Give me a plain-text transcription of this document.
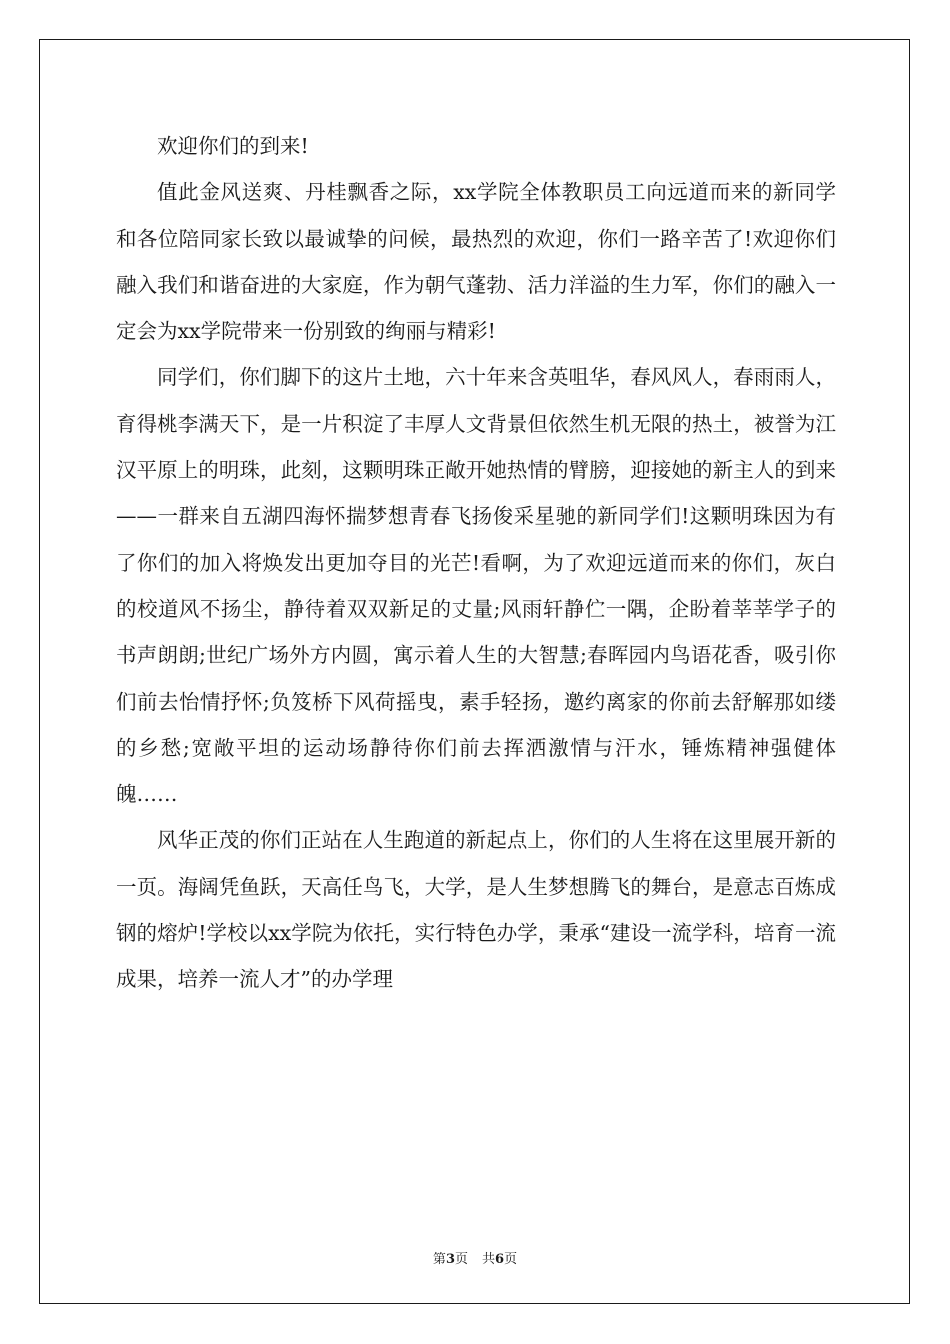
欢迎你们的到来!

值此金风送爽、丹桂飘香之际，xx学院全体教职员工向远道而来的新同学和各位陪同家长致以最诚挚的问候，最热烈的欢迎，你们一路辛苦了!欢迎你们融入我们和谐奋进的大家庭，作为朝气蓬勃、活力洋溢的生力军，你们的融入一定会为xx学院带来一份别致的绚丽与精彩!

同学们，你们脚下的这片土地，六十年来含英咀华，春风风人，春雨雨人，育得桃李满天下，是一片积淀了丰厚人文背景但依然生机无限的热土，被誉为江汉平原上的明珠，此刻，这颗明珠正敞开她热情的臂膀，迎接她的新主人的到来——一群来自五湖四海怀揣梦想青春飞扬俊采星驰的新同学们!这颗明珠因为有了你们的加入将焕发出更加夺目的光芒!看啊，为了欢迎远道而来的你们，灰白的校道风不扬尘，静待着双双新足的丈量;风雨轩静伫一隅，企盼着莘莘学子的书声朗朗;世纪广场外方内圆，寓示着人生的大智慧;春晖园内鸟语花香，吸引你们前去怡情抒怀;负笈桥下风荷摇曳，素手轻扬，邀约离家的你前去舒解那如缕的乡愁;宽敞平坦的运动场静待你们前去挥洒激情与汗水，锤炼精神强健体魄……

风华正茂的你们正站在人生跑道的新起点上，你们的人生将在这里展开新的一页。海阔凭鱼跃，天高任鸟飞，大学，是人生梦想腾飞的舞台，是意志百炼成钢的熔炉!学校以xx学院为依托，实行特色办学，秉承“建设一流学科，培育一流成果，培养一流人才”的办学理

第3页 共6页
